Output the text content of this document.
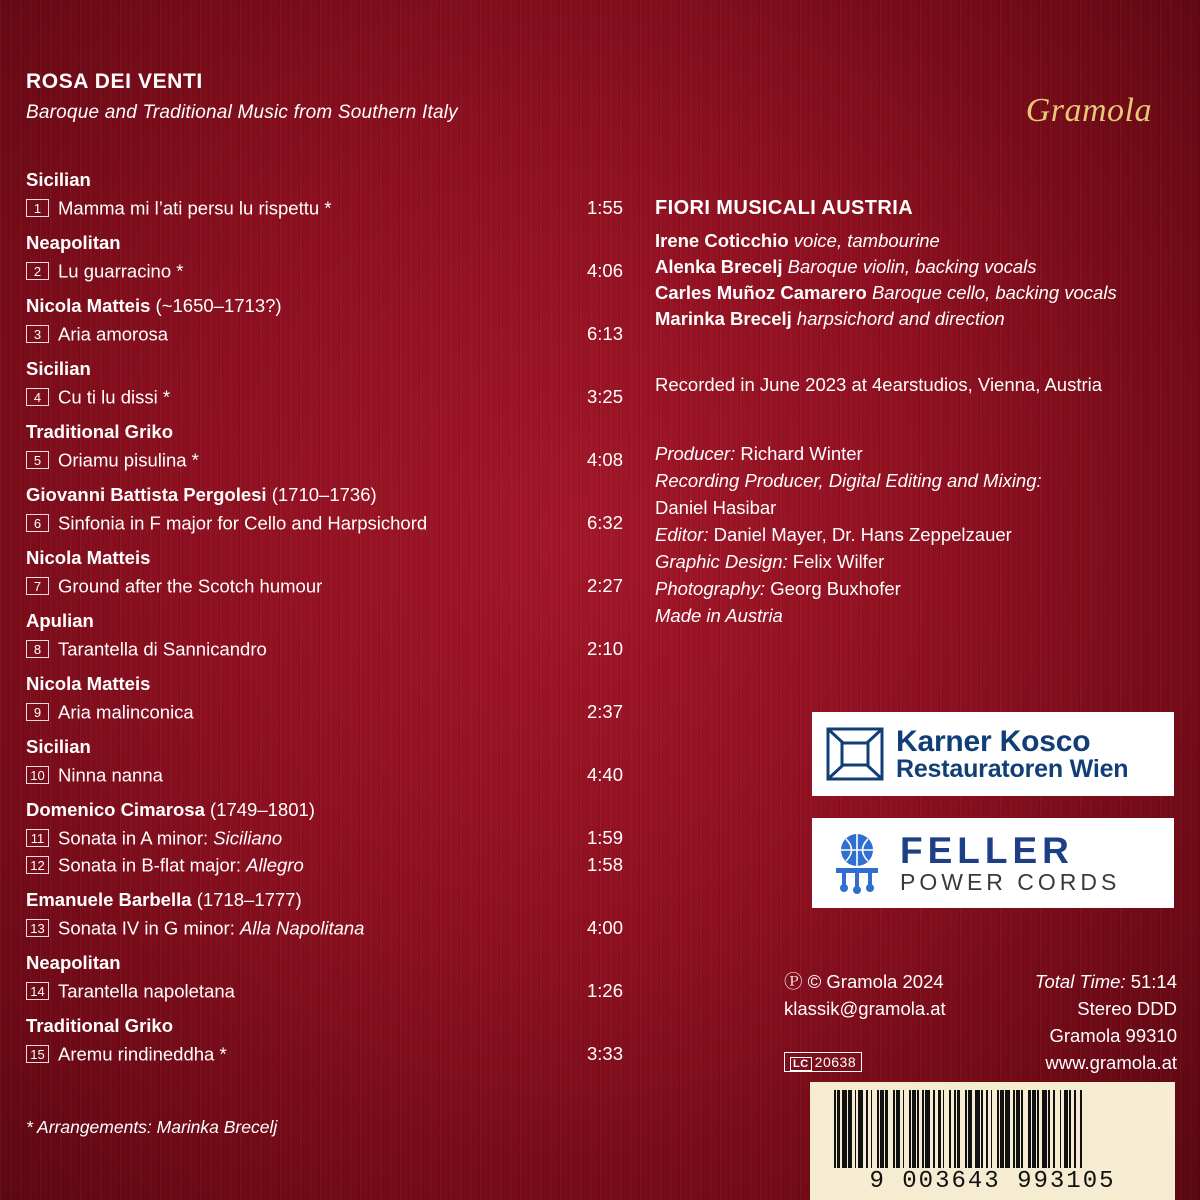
ROSA DEI VENTI
Baroque and Traditional Music from Southern Italy	Gramola
Sicilian
1 Mamma mi l’ati persu lu rispettu *	1:55
Neapolitan
2 Lu guarracino *	4:06
Nicola Matteis (~1650–1713?)
3 Aria amorosa	6:13
Sicilian
4 Cu ti lu dissi *	3:25
Traditional Griko
5 Oriamu pisulina *	4:08
Giovanni Battista Pergolesi (1710–1736)
6 Sinfonia in F major for Cello and Harpsichord	6:32
Nicola Matteis
7 Ground after the Scotch humour	2:27
Apulian
8 Tarantella di Sannicandro	2:10
Nicola Matteis
9 Aria malinconica	2:37
Sicilian
10 Ninna nanna	4:40
Domenico Cimarosa (1749–1801)
11 Sonata in A minor: Siciliano	1:59
12 Sonata in B-flat major: Allegro	1:58
Emanuele Barbella (1718–1777)
13 Sonata IV in G minor: Alla Napolitana	4:00
Neapolitan
14 Tarantella napoletana	1:26
Traditional Griko
15 Aremu rindineddha *	3:33
* Arrangements: Marinka Brecelj
FIORI MUSICALI AUSTRIA
Irene Coticchio voice, tambourine
Alenka Brecelj Baroque violin, backing vocals
Carles Muñoz Camarero Baroque cello, backing vocals
Marinka Brecelj harpsichord and direction
Recorded in June 2023 at 4earstudios, Vienna, Austria
Producer: Richard Winter
Recording Producer, Digital Editing and Mixing:
Daniel Hasibar
Editor: Daniel Mayer, Dr. Hans Zeppelzauer
Graphic Design: Felix Wilfer
Photography: Georg Buxhofer
Made in Austria
Karner Kosco
Restauratoren Wien
FELLER
POWER CORDS
Ⓟ © Gramola 2024
klassik@gramola.at
Total Time: 51:14
Stereo DDD
Gramola 99310
www.gramola.at
LC 20638
9 003643 993105
